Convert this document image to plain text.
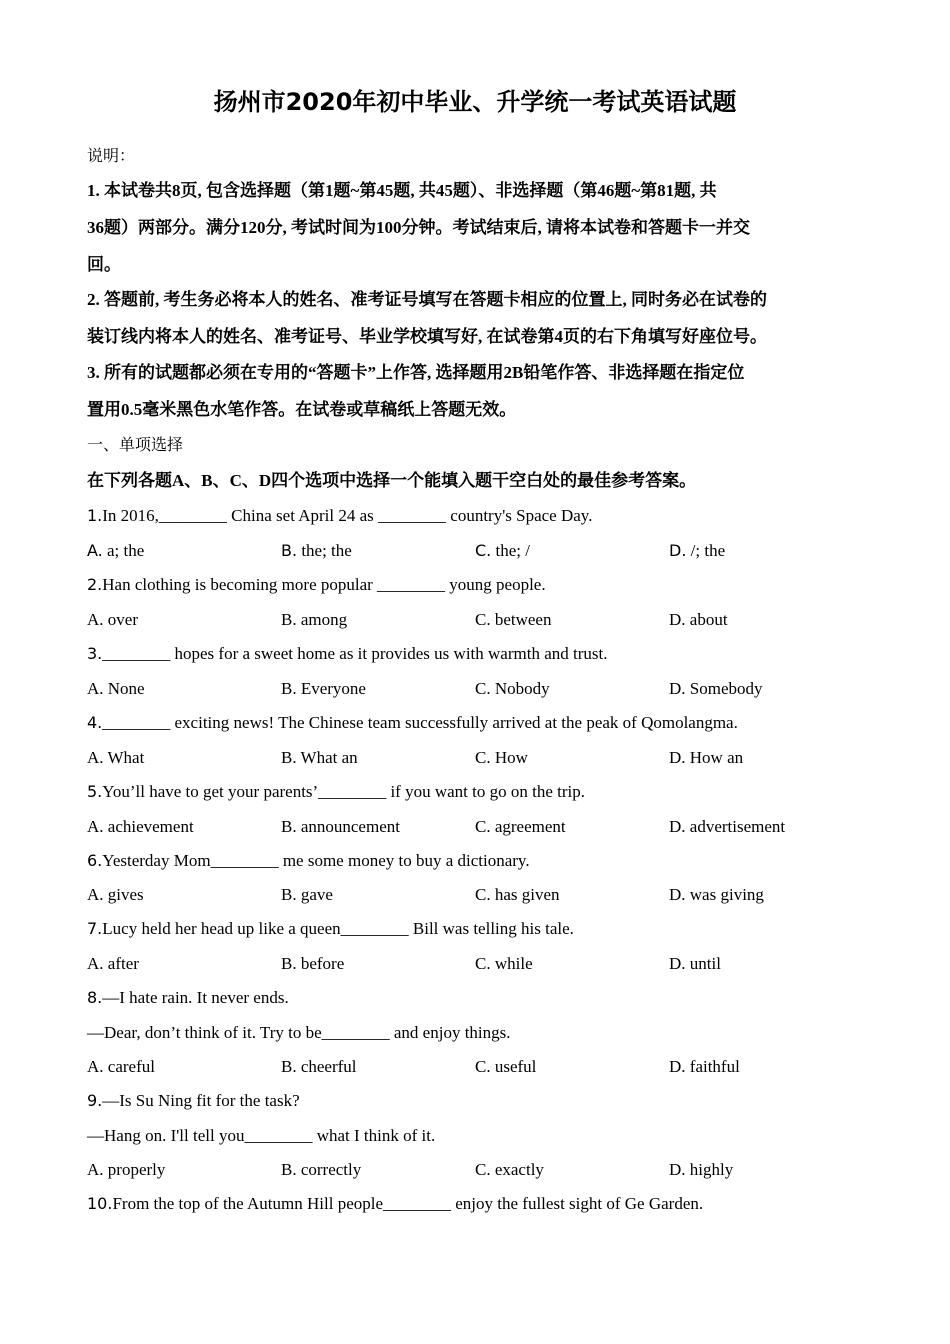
扬州市2020年初中毕业、升学统一考试英语试题
说明：
1. 本试卷共8页, 包含选择题（第1题~第45题, 共45题）、非选择题（第46题~第81题, 共
36题）两部分。满分120分, 考试时间为100分钟。考试结束后, 请将本试卷和答题卡一并交
回。
2. 答题前, 考生务必将本人的姓名、准考证号填写在答题卡相应的位置上, 同时务必在试卷的
装订线内将本人的姓名、准考证号、毕业学校填写好, 在试卷第4页的右下角填写好座位号。
3. 所有的试题都必须在专用的“答题卡”上作答, 选择题用2B铅笔作答、非选择题在指定位
置用0.5毫米黑色水笔作答。在试卷或草稿纸上答题无效。
一、单项选择
在下列各题A、B、C、D四个选项中选择一个能填入题干空白处的最佳参考答案。
1.In 2016,________ China set April 24 as ________ country's Space Day.
A. a; the	B. the; the	C. the; /	D. /; the
2.Han clothing is becoming more popular ________ young people.
A. over	B. among	C. between	D. about
3.________ hopes for a sweet home as it provides us with warmth and trust.
A. None	B. Everyone	C. Nobody	D. Somebody
4.________ exciting news! The Chinese team successfully arrived at the peak of Qomolangma.
A. What	B. What an	C. How	D. How an
5.You’ll have to get your parents’________ if you want to go on the trip.
A. achievement	B. announcement	C. agreement	D. advertisement
6.Yesterday Mom________ me some money to buy a dictionary.
A. gives	B. gave	C. has given	D. was giving
7.Lucy held her head up like a queen________ Bill was telling his tale.
A. after	B. before	C. while	D. until
8.—I hate rain. It never ends.
—Dear, don’t think of it. Try to be________ and enjoy things.
A. careful	B. cheerful	C. useful	D. faithful
9.—Is Su Ning fit for the task?
—Hang on. I'll tell you________ what I think of it.
A. properly	B. correctly	C. exactly	D. highly
10.From the top of the Autumn Hill people________ enjoy the fullest sight of Ge Garden.
